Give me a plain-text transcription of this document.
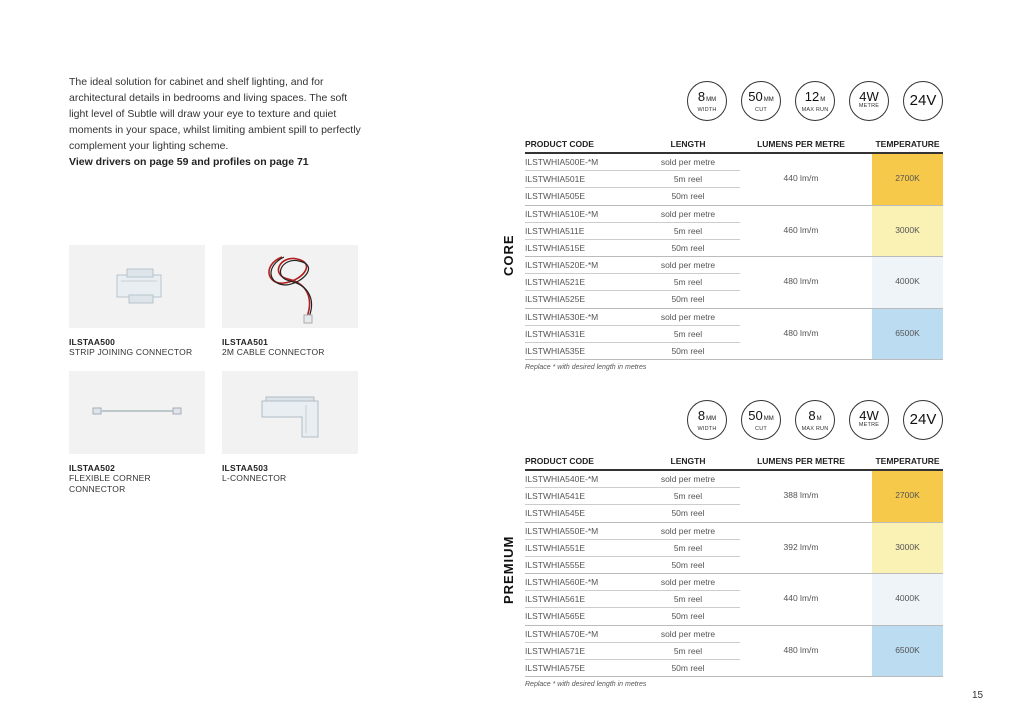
The ideal solution for cabinet and shelf lighting, and for architectural details in bedrooms and living spaces. The soft light level of Subtle will draw your eye to texture and quiet moments in your space, whilst limiting ambient spill to perfectly complement your lighting scheme.

View drivers on page 59 and profiles on page 71

ILSTAA500
STRIP JOINING CONNECTOR
ILSTAA501
2M CABLE CONNECTOR
ILSTAA502
FLEXIBLE CORNER CONNECTOR
ILSTAA503
L-CONNECTOR
8MM
WIDTH
50MM
CUT
12M
MAX RUN
4W
METRE	24V
CORE
PRODUCT CODE	LENGTH	LUMENS PER METRE	TEMPERATURE
ILSTWHIA500E-*M	sold per metre
ILSTWHIA501E	5m reel
ILSTWHIA505E	50m reel
440 lm/m	2700K
ILSTWHIA510E-*M	sold per metre
ILSTWHIA511E	5m reel
ILSTWHIA515E	50m reel
460 lm/m	3000K
ILSTWHIA520E-*M	sold per metre
ILSTWHIA521E	5m reel
ILSTWHIA525E	50m reel
480 lm/m	4000K
ILSTWHIA530E-*M	sold per metre
ILSTWHIA531E	5m reel
ILSTWHIA535E	50m reel
480 lm/m	6500K
Replace * with desired length in metres
8MM
WIDTH
50MM
CUT
8M
MAX RUN
4W
METRE	24V
PREMIUM
PRODUCT CODE	LENGTH	LUMENS PER METRE	TEMPERATURE
ILSTWHIA540E-*M	sold per metre
ILSTWHIA541E	5m reel
ILSTWHIA545E	50m reel
388 lm/m	2700K
ILSTWHIA550E-*M	sold per metre
ILSTWHIA551E	5m reel
ILSTWHIA555E	50m reel
392 lm/m	3000K
ILSTWHIA560E-*M	sold per metre
ILSTWHIA561E	5m reel
ILSTWHIA565E	50m reel
440 lm/m	4000K
ILSTWHIA570E-*M	sold per metre
ILSTWHIA571E	5m reel
ILSTWHIA575E	50m reel
480 lm/m	6500K
Replace * with desired length in metres
15
